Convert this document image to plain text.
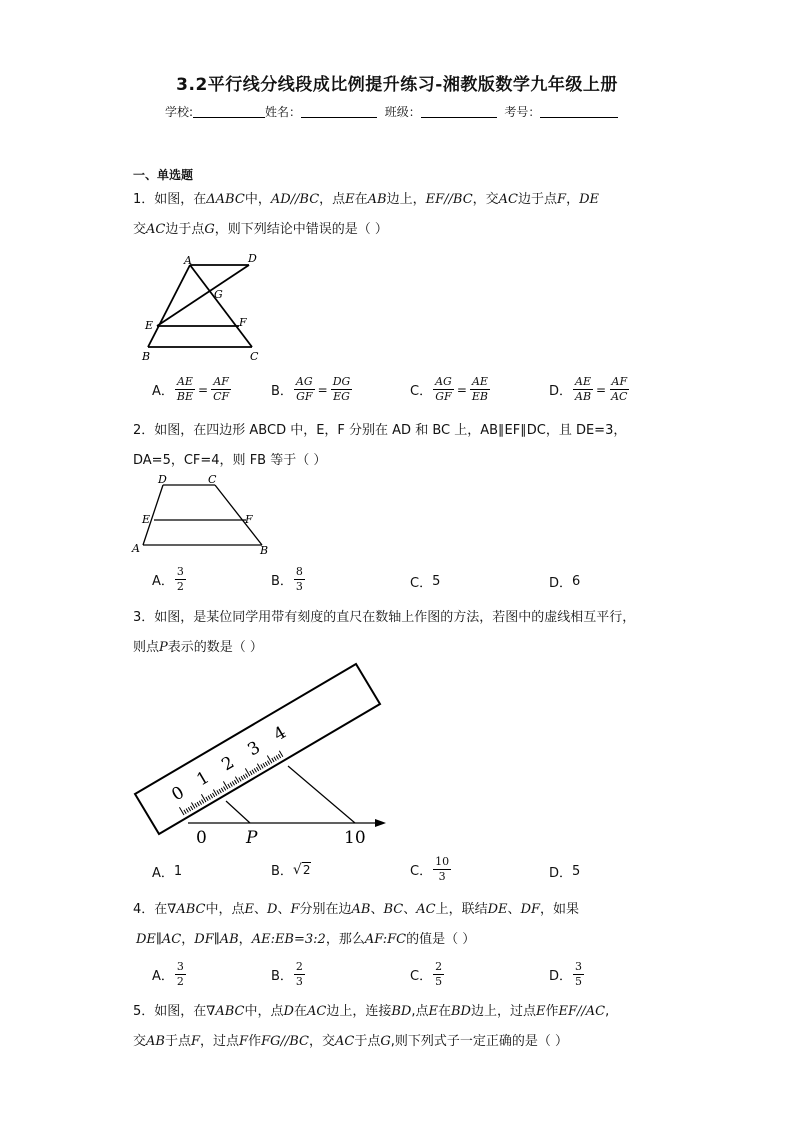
3.2平行线分线段成比例提升练习-湘教版数学九年级上册
学校:	姓名：	班级：	考号：
一、单选题
1．如图，在ΔABC中，AD//BC，点E在AB边上，EF//BC，交AC边于点F，DE
交AC边于点G，则下列结论中错误的是（ ）
A	D
G
E	F
B	C
A． $\frac{AE}{BE} = \frac{AF}{CF}$	B． $\frac{AG}{GF} = \frac{DG}{EG}$	C． $\frac{AG}{GF} = \frac{AE}{EB}$	D． $\frac{AE}{AB} = \frac{AF}{AC}$
2．如图，在四边形 ABCD 中，E，F 分别在 AD 和 BC 上，AB∥EF∥DC，且 DE=3，
DA=5，CF=4，则 FB 等于（ ）
D	C
E	F
A	B
A． $\frac{3}{2}$	B． $\frac{8}{3}$	C． 5	D． 6
3．如图，是某位同学用带有刻度的直尺在数轴上作图的方法，若图中的虚线相互平行，
则点P表示的数是（ ）
0
1
2
3
4
0 P	10
A． 1	B． √ 2	C． $\frac{10}{3}$	D． 5
4．在∇ABC中，点E、D、F分别在边AB、BC、AC上，联结DE、DF，如果
DE∥AC，DF∥AB，AE:EB=3:2，那么AF:FC的值是（ ）
A． $\frac{3}{2}$	B． $\frac{2}{3}$	C． $\frac{2}{5}$	D． $\frac{3}{5}$
5．如图，在∇ABC中，点D在AC边上，连接BD,点E在BD边上，过点E作EF//AC,
交AB于点F，过点F作FG//BC，交AC于点G,则下列式子一定正确的是（ ）
